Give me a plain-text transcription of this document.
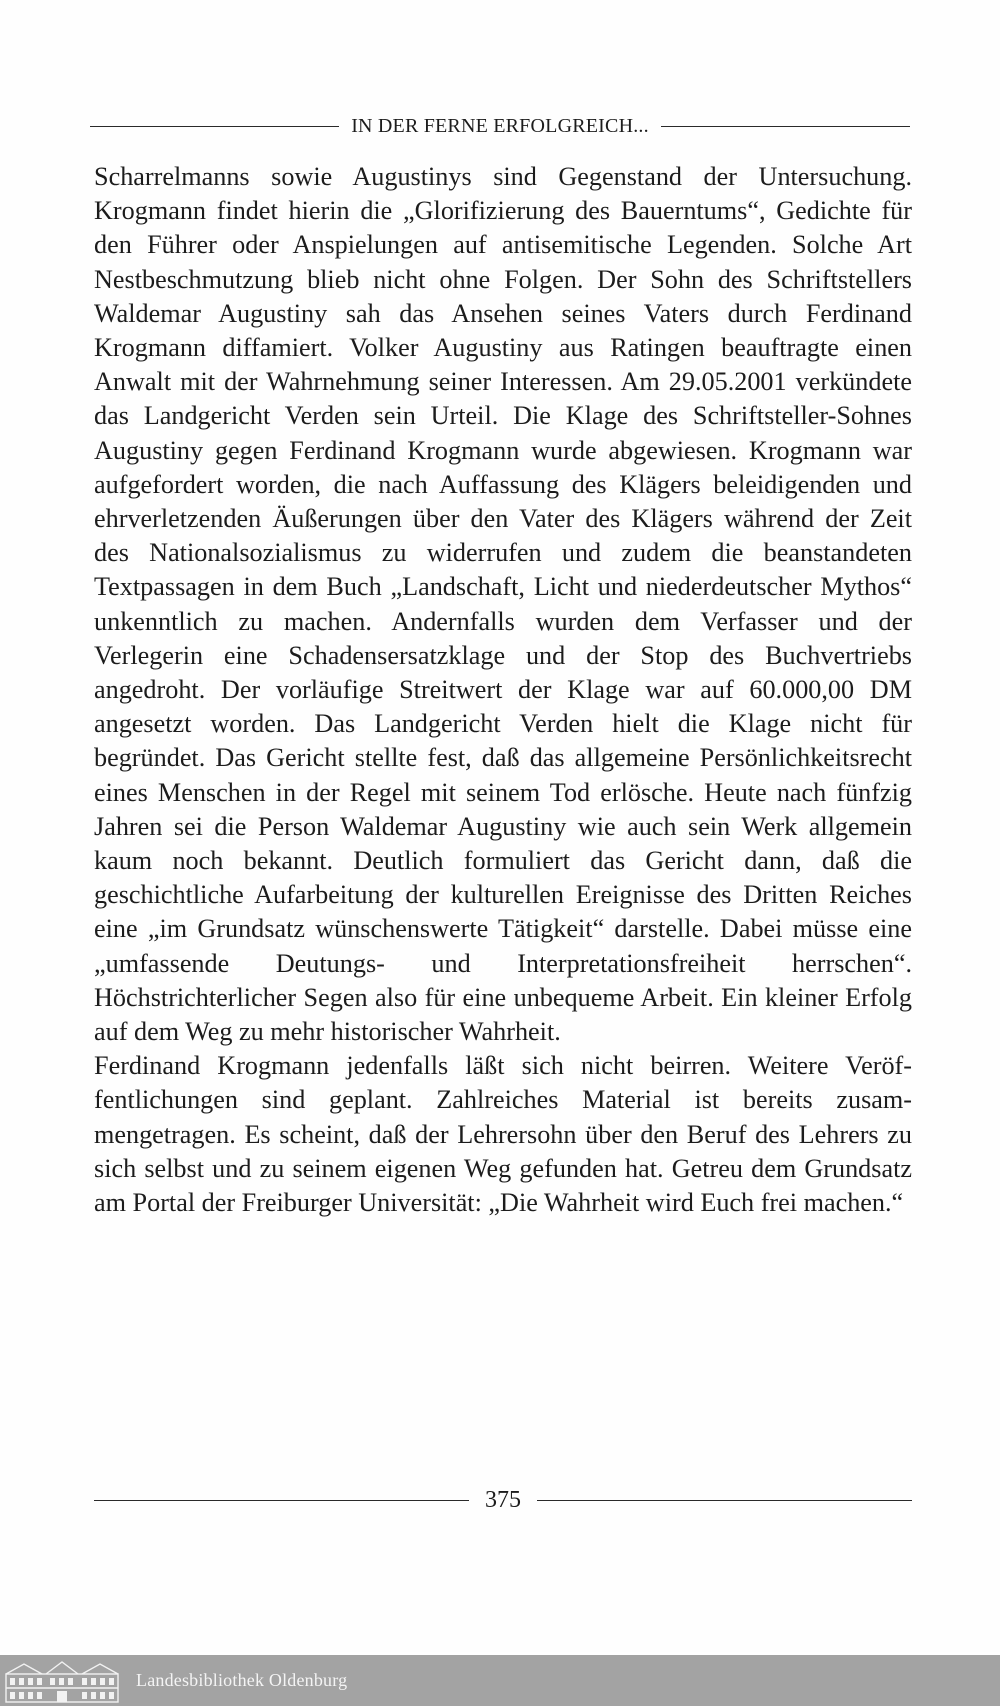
IN DER FERNE ERFOLGREICH...

Scharrelmanns sowie Augustinys sind Gegenstand der Untersuchung. Krogmann findet hierin die „Glorifizierung des Bauerntums“, Gedichte für den Führer oder Anspielungen auf antisemitische Legenden. Solche Art Nestbeschmutzung blieb nicht ohne Folgen. Der Sohn des Schriftstellers Waldemar Augustiny sah das Ansehen seines Vaters durch Ferdinand Krogmann diffamiert. Volker Augustiny aus Ratingen beauftragte einen Anwalt mit der Wahrnehmung seiner Interessen. Am 29.05.2001 verkündete das Landgericht Verden sein Urteil. Die Klage des Schriftsteller-Sohnes Augustiny gegen Ferdinand Krogmann wurde abgewiesen. Krogmann war aufgefordert worden, die nach Auffassung des Klägers beleidigenden und ehrverletzenden Äußerungen über den Vater des Klägers während der Zeit des Nationalsozialismus zu widerrufen und zudem die beanstandeten Textpassagen in dem Buch „Landschaft, Licht und niederdeutscher Mythos“ unkenntlich zu machen. Andernfalls wurden dem Verfasser und der Verlegerin eine Schadensersatzklage und der Stop des Buchvertriebs angedroht. Der vorläufige Streitwert der Klage war auf 60.000,00 DM angesetzt worden. Das Landgericht Verden hielt die Klage nicht für begründet. Das Gericht stellte fest, daß das allgemeine Persönlichkeitsrecht eines Menschen in der Regel mit seinem Tod erlösche. Heute nach fünfzig Jahren sei die Person Waldemar Augustiny wie auch sein Werk allgemein kaum noch bekannt. Deutlich formuliert das Gericht dann, daß die geschichtliche Aufarbeitung der kulturellen Ereignisse des Dritten Reiches eine „im Grundsatz wünschenswerte Tätigkeit“ darstelle. Dabei müsse eine „umfassende Deutungs- und Interpretationsfreiheit herrschen“. Höchstrichterlicher Segen also für eine unbequeme Arbeit. Ein kleiner Erfolg auf dem Weg zu mehr historischer Wahrheit.

Ferdinand Krogmann jedenfalls läßt sich nicht beirren. Weitere Veröffentlichungen sind geplant. Zahlreiches Material ist bereits zusammengetragen. Es scheint, daß der Lehrersohn über den Beruf des Lehrers zu sich selbst und zu seinem eigenen Weg gefunden hat. Getreu dem Grundsatz am Portal der Freiburger Universität: „Die Wahrheit wird Euch frei machen.“

375
Landesbibliothek Oldenburg
